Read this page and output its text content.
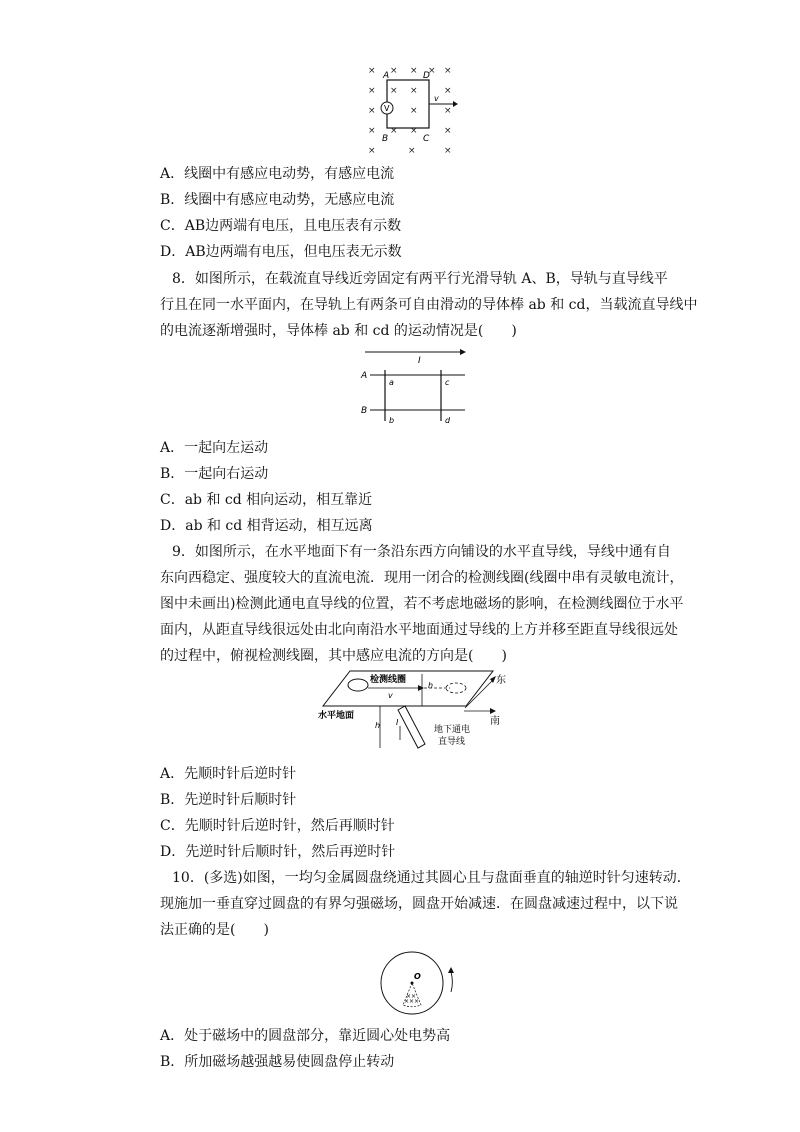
× × × × ×
× × ×	×
×	×	×
× × ×	×
×	×	×
V
A	D
B	C
v
A．线圈中有感应电动势，有感应电流
B．线圈中有感应电动势，无感应电流
C．AB边两端有电压，且电压表有示数
D．AB边两端有电压，但电压表无示数
8．如图所示，在载流直导线近旁固定有两平行光滑导轨 A、B，导轨与直导线平
行且在同一水平面内，在导轨上有两条可自由滑动的导体棒 ab 和 cd，当载流直导线中
的电流逐渐增强时，导体棒 ab 和 cd 的运动情况是(　　)
I
A
B
a
b
c
d
A．一起向左运动
B．一起向右运动
C．ab 和 cd 相向运动，相互靠近
D．ab 和 cd 相背运动，相互远离
9．如图所示，在水平地面下有一条沿东西方向铺设的水平直导线，导线中通有自
东向西稳定、强度较大的直流电流．现用一闭合的检测线圈(线圈中串有灵敏电流计，
图中未画出)检测此通电直导线的位置，若不考虑地磁场的影响，在检测线圈位于水平
面内，从距直导线很远处由北向南沿水平地面通过导线的上方并移至距直导线很远处
的过程中，俯视检测线圈，其中感应电流的方向是(　　)
检测线圈
v
h	东
南
水平地面
h I
地下通电
直导线
A．先顺时针后逆时针
B．先逆时针后顺时针
C．先顺时针后逆时针，然后再顺时针
D．先逆时针后顺时针，然后再逆时针
10．(多选)如图，一均匀金属圆盘绕通过其圆心且与盘面垂直的轴逆时针匀速转动．
现施加一垂直穿过圆盘的有界匀强磁场，圆盘开始减速．在圆盘减速过程中，以下说
法正确的是(　　)
O
× ×
× × ×
A．处于磁场中的圆盘部分，靠近圆心处电势高
B．所加磁场越强越易使圆盘停止转动
